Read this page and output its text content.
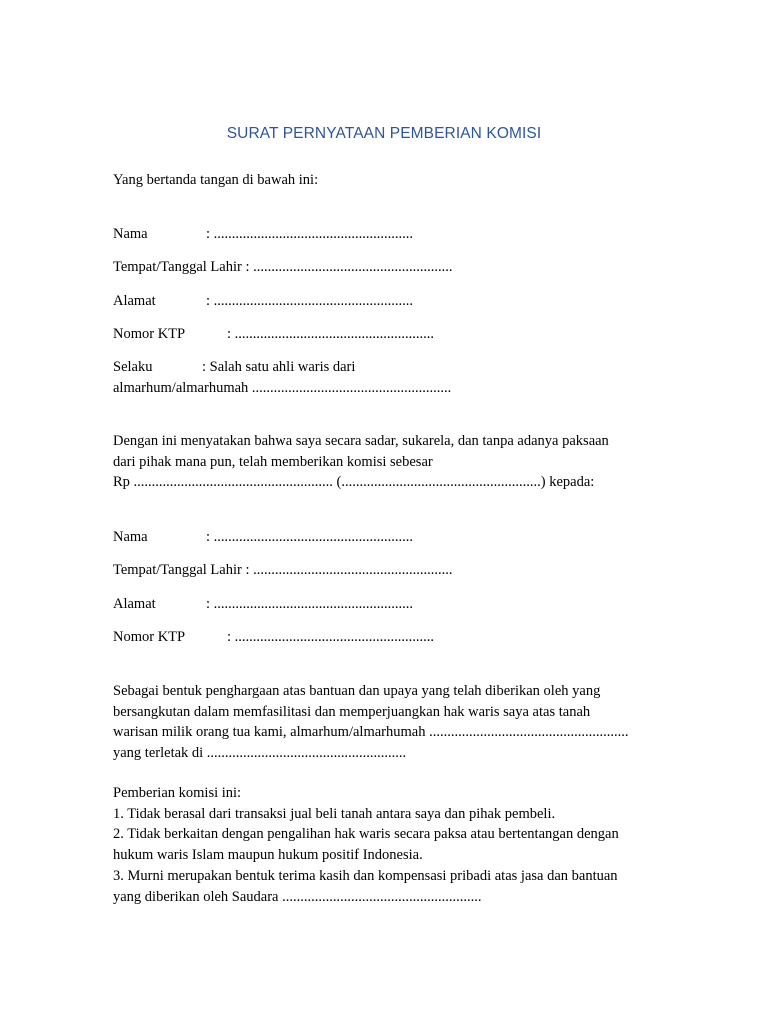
SURAT PERNYATAAN PEMBERIAN KOMISI
Yang bertanda tangan di bawah ini:
Nama	: .......................................................
Tempat/Tanggal Lahir : .......................................................
Alamat	: .......................................................
Nomor KTP	: .......................................................
Selaku	: Salah satu ahli waris dari
almarhum/almarhumah .......................................................
Dengan ini menyatakan bahwa saya secara sadar, sukarela, dan tanpa adanya paksaan
dari pihak mana pun, telah memberikan komisi sebesar
Rp ....................................................... (.......................................................) kepada:
Nama	: .......................................................
Tempat/Tanggal Lahir : .......................................................
Alamat	: .......................................................
Nomor KTP	: .......................................................
Sebagai bentuk penghargaan atas bantuan dan upaya yang telah diberikan oleh yang
bersangkutan dalam memfasilitasi dan memperjuangkan hak waris saya atas tanah
warisan milik orang tua kami, almarhum/almarhumah .......................................................
yang terletak di .......................................................
Pemberian komisi ini:
1. Tidak berasal dari transaksi jual beli tanah antara saya dan pihak pembeli.
2. Tidak berkaitan dengan pengalihan hak waris secara paksa atau bertentangan dengan
hukum waris Islam maupun hukum positif Indonesia.
3. Murni merupakan bentuk terima kasih dan kompensasi pribadi atas jasa dan bantuan
yang diberikan oleh Saudara .......................................................
